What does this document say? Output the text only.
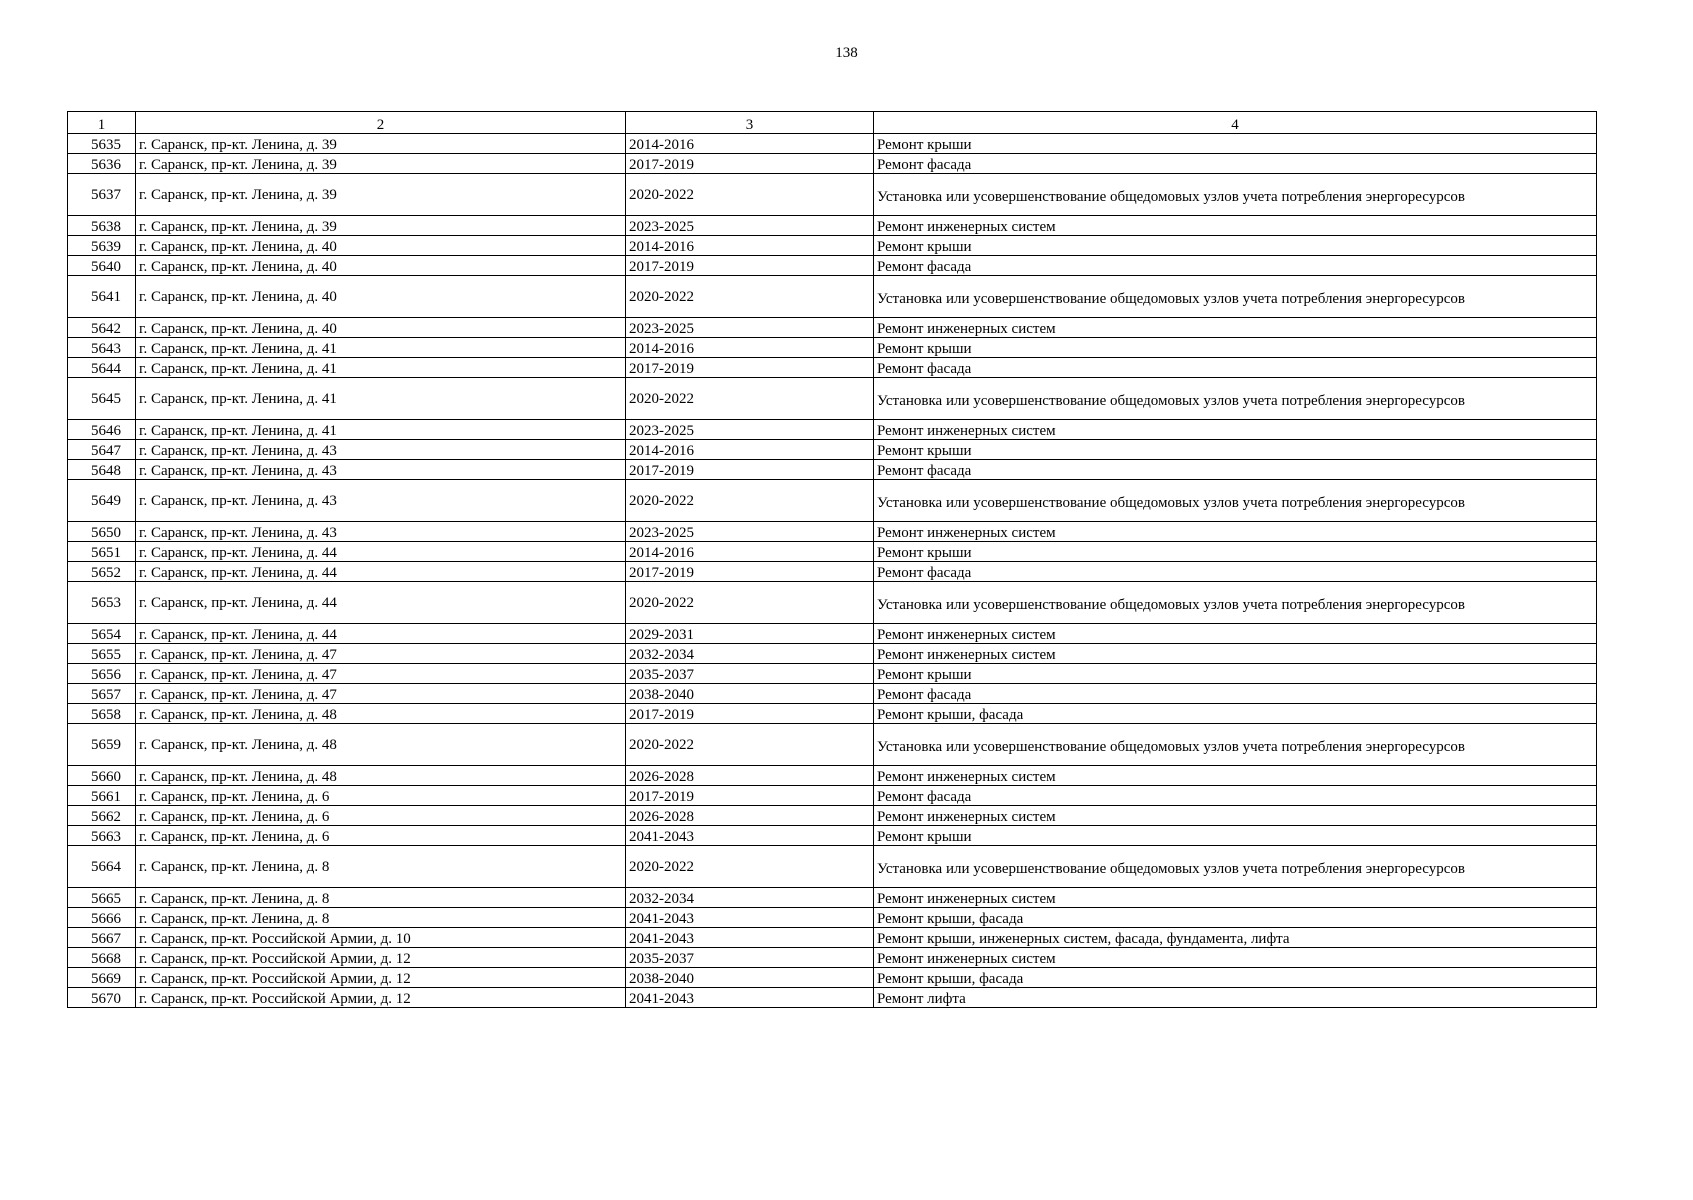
138
1	2	3	4
5635	г. Саранск, пр-кт. Ленина, д. 39	2014-2016	Ремонт крыши
5636	г. Саранск, пр-кт. Ленина, д. 39	2017-2019	Ремонт фасада
5637	г. Саранск, пр-кт. Ленина, д. 39	2020-2022	Установка или усовершенствование общедомовых узлов учета потребления энергоресурсов
5638	г. Саранск, пр-кт. Ленина, д. 39	2023-2025	Ремонт инженерных систем
5639	г. Саранск, пр-кт. Ленина, д. 40	2014-2016	Ремонт крыши
5640	г. Саранск, пр-кт. Ленина, д. 40	2017-2019	Ремонт фасада
5641	г. Саранск, пр-кт. Ленина, д. 40	2020-2022	Установка или усовершенствование общедомовых узлов учета потребления энергоресурсов
5642	г. Саранск, пр-кт. Ленина, д. 40	2023-2025	Ремонт инженерных систем
5643	г. Саранск, пр-кт. Ленина, д. 41	2014-2016	Ремонт крыши
5644	г. Саранск, пр-кт. Ленина, д. 41	2017-2019	Ремонт фасада
5645	г. Саранск, пр-кт. Ленина, д. 41	2020-2022	Установка или усовершенствование общедомовых узлов учета потребления энергоресурсов
5646	г. Саранск, пр-кт. Ленина, д. 41	2023-2025	Ремонт инженерных систем
5647	г. Саранск, пр-кт. Ленина, д. 43	2014-2016	Ремонт крыши
5648	г. Саранск, пр-кт. Ленина, д. 43	2017-2019	Ремонт фасада
5649	г. Саранск, пр-кт. Ленина, д. 43	2020-2022	Установка или усовершенствование общедомовых узлов учета потребления энергоресурсов
5650	г. Саранск, пр-кт. Ленина, д. 43	2023-2025	Ремонт инженерных систем
5651	г. Саранск, пр-кт. Ленина, д. 44	2014-2016	Ремонт крыши
5652	г. Саранск, пр-кт. Ленина, д. 44	2017-2019	Ремонт фасада
5653	г. Саранск, пр-кт. Ленина, д. 44	2020-2022	Установка или усовершенствование общедомовых узлов учета потребления энергоресурсов
5654	г. Саранск, пр-кт. Ленина, д. 44	2029-2031	Ремонт инженерных систем
5655	г. Саранск, пр-кт. Ленина, д. 47	2032-2034	Ремонт инженерных систем
5656	г. Саранск, пр-кт. Ленина, д. 47	2035-2037	Ремонт крыши
5657	г. Саранск, пр-кт. Ленина, д. 47	2038-2040	Ремонт фасада
5658	г. Саранск, пр-кт. Ленина, д. 48	2017-2019	Ремонт крыши, фасада
5659	г. Саранск, пр-кт. Ленина, д. 48	2020-2022	Установка или усовершенствование общедомовых узлов учета потребления энергоресурсов
5660	г. Саранск, пр-кт. Ленина, д. 48	2026-2028	Ремонт инженерных систем
5661	г. Саранск, пр-кт. Ленина, д. 6	2017-2019	Ремонт фасада
5662	г. Саранск, пр-кт. Ленина, д. 6	2026-2028	Ремонт инженерных систем
5663	г. Саранск, пр-кт. Ленина, д. 6	2041-2043	Ремонт крыши
5664	г. Саранск, пр-кт. Ленина, д. 8	2020-2022	Установка или усовершенствование общедомовых узлов учета потребления энергоресурсов
5665	г. Саранск, пр-кт. Ленина, д. 8	2032-2034	Ремонт инженерных систем
5666	г. Саранск, пр-кт. Ленина, д. 8	2041-2043	Ремонт крыши, фасада
5667	г. Саранск, пр-кт. Российской Армии, д. 10	2041-2043	Ремонт крыши, инженерных систем, фасада, фундамента, лифта
5668	г. Саранск, пр-кт. Российской Армии, д. 12	2035-2037	Ремонт инженерных систем
5669	г. Саранск, пр-кт. Российской Армии, д. 12	2038-2040	Ремонт крыши, фасада
5670	г. Саранск, пр-кт. Российской Армии, д. 12	2041-2043	Ремонт лифта
